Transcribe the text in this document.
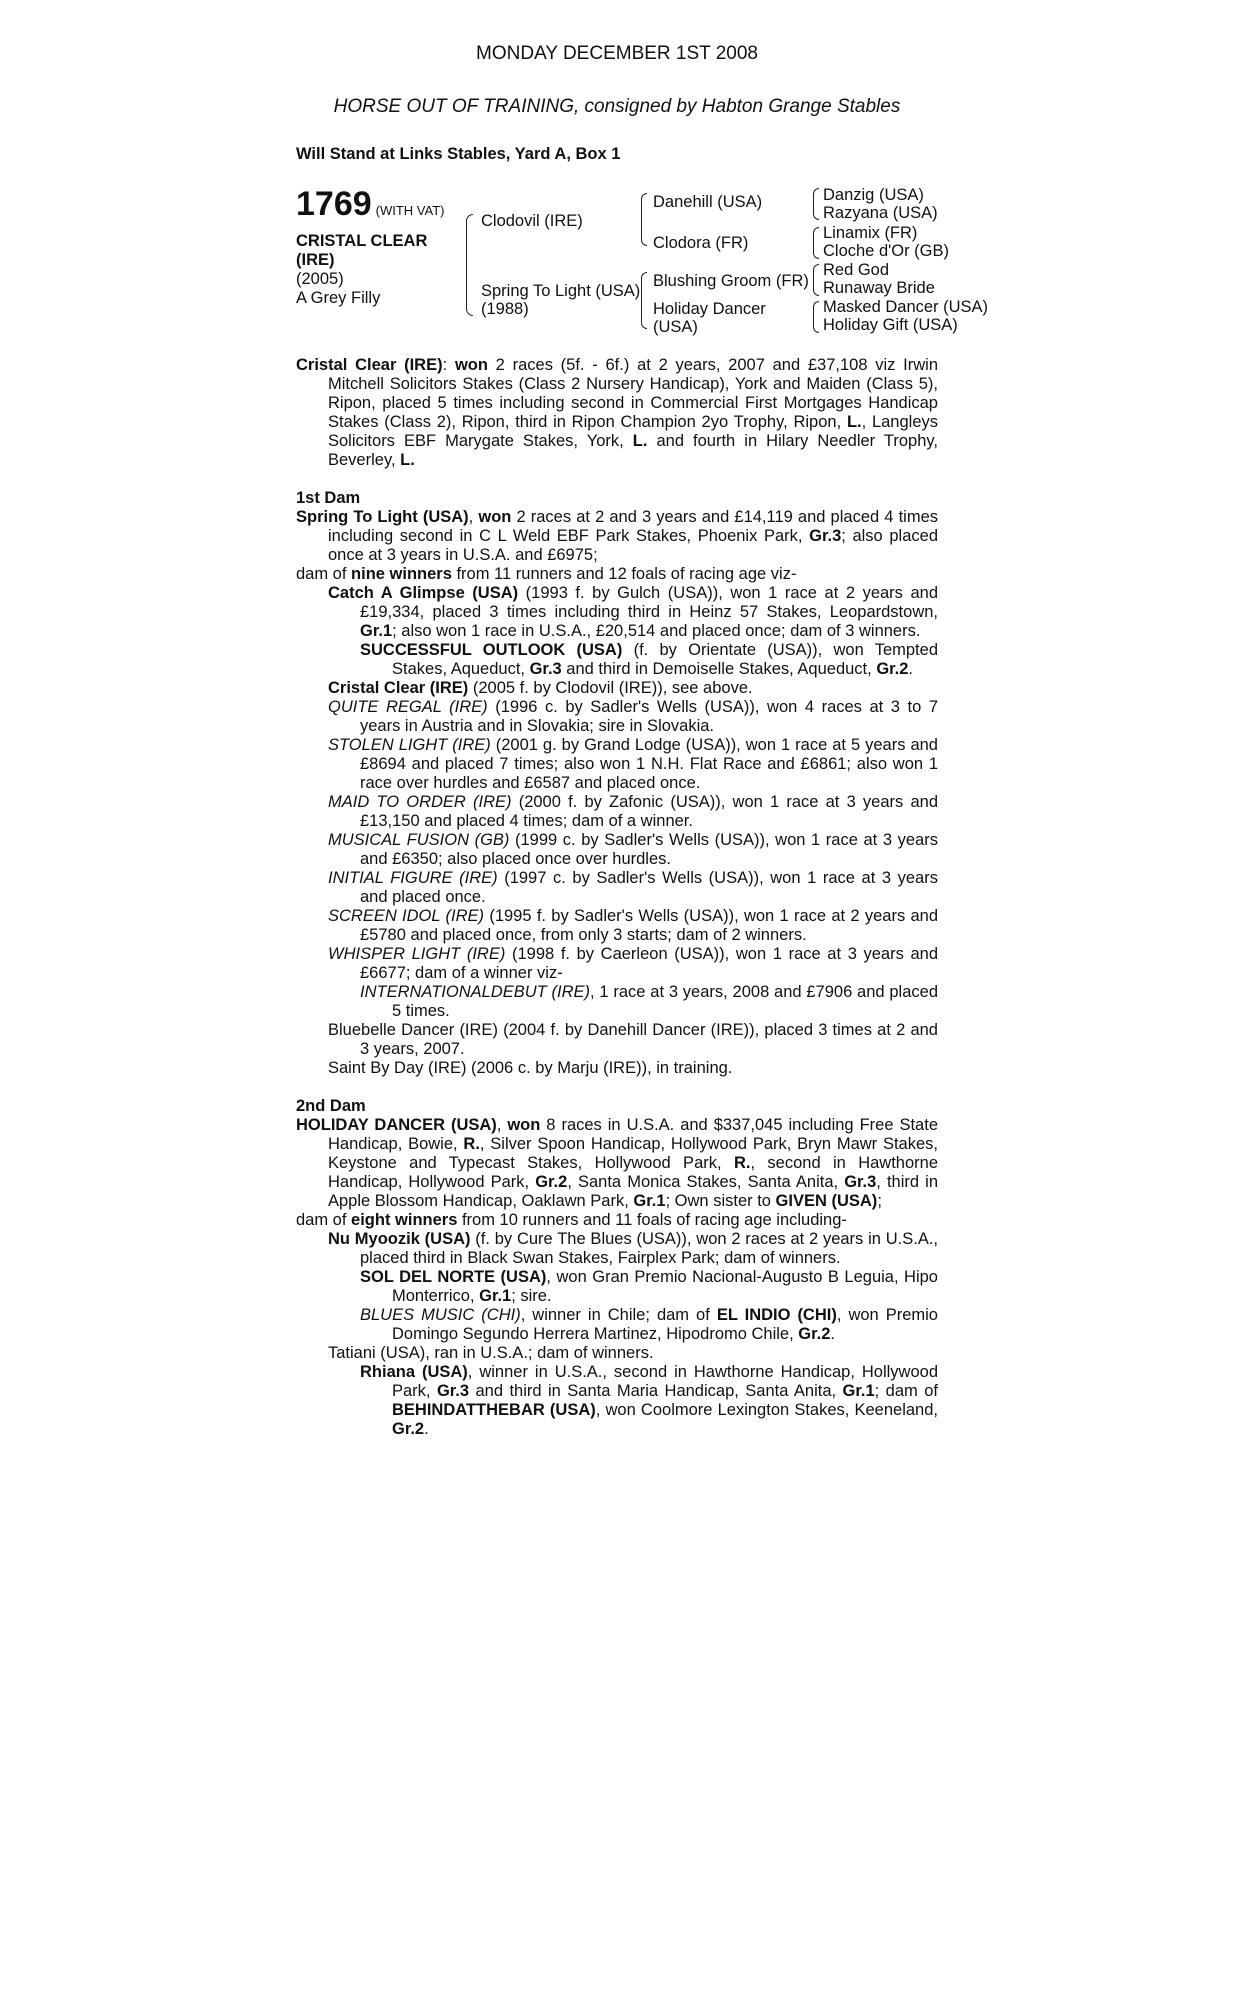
MONDAY DECEMBER 1ST 2008
HORSE OUT OF TRAINING, consigned by Habton Grange Stables
Will Stand at Links Stables, Yard A, Box 1
1769 (WITH VAT)
CRISTAL CLEAR
(IRE)
(2005)
A Grey Filly
Clodovil (IRE)
Spring To Light (USA)
(1988)
Danehill (USA)
Clodora (FR)
Blushing Groom (FR)
Holiday Dancer
(USA)
Danzig (USA)
Razyana (USA)
Linamix (FR)
Cloche d'Or (GB)
Red God
Runaway Bride
Masked Dancer (USA)
Holiday Gift (USA)
Cristal Clear (IRE): won 2 races (5f. - 6f.) at 2 years, 2007 and £37,108 viz Irwin Mitchell Solicitors Stakes (Class 2 Nursery Handicap), York and Maiden (Class 5), Ripon, placed 5 times including second in Commercial First Mortgages Handicap Stakes (Class 2), Ripon, third in Ripon Champion 2yo Trophy, Ripon, L., Langleys Solicitors EBF Marygate Stakes, York, L. and fourth in Hilary Needler Trophy, Beverley, L.
1st Dam
Spring To Light (USA), won 2 races at 2 and 3 years and £14,119 and placed 4 times including second in C L Weld EBF Park Stakes, Phoenix Park, Gr.3; also placed once at 3 years in U.S.A. and £6975;
dam of nine winners from 11 runners and 12 foals of racing age viz-
Catch A Glimpse (USA) (1993 f. by Gulch (USA)), won 1 race at 2 years and £19,334, placed 3 times including third in Heinz 57 Stakes, Leopardstown, Gr.1; also won 1 race in U.S.A., £20,514 and placed once; dam of 3 winners.
SUCCESSFUL OUTLOOK (USA) (f. by Orientate (USA)), won Tempted Stakes, Aqueduct, Gr.3 and third in Demoiselle Stakes, Aqueduct, Gr.2.
Cristal Clear (IRE) (2005 f. by Clodovil (IRE)), see above.
QUITE REGAL (IRE) (1996 c. by Sadler's Wells (USA)), won 4 races at 3 to 7 years in Austria and in Slovakia; sire in Slovakia.
STOLEN LIGHT (IRE) (2001 g. by Grand Lodge (USA)), won 1 race at 5 years and £8694 and placed 7 times; also won 1 N.H. Flat Race and £6861; also won 1 race over hurdles and £6587 and placed once.
MAID TO ORDER (IRE) (2000 f. by Zafonic (USA)), won 1 race at 3 years and £13,150 and placed 4 times; dam of a winner.
MUSICAL FUSION (GB) (1999 c. by Sadler's Wells (USA)), won 1 race at 3 years and £6350; also placed once over hurdles.
INITIAL FIGURE (IRE) (1997 c. by Sadler's Wells (USA)), won 1 race at 3 years and placed once.
SCREEN IDOL (IRE) (1995 f. by Sadler's Wells (USA)), won 1 race at 2 years and £5780 and placed once, from only 3 starts; dam of 2 winners.
WHISPER LIGHT (IRE) (1998 f. by Caerleon (USA)), won 1 race at 3 years and £6677; dam of a winner viz-
INTERNATIONALDEBUT (IRE), 1 race at 3 years, 2008 and £7906 and placed 5 times.
Bluebelle Dancer (IRE) (2004 f. by Danehill Dancer (IRE)), placed 3 times at 2 and 3 years, 2007.
Saint By Day (IRE) (2006 c. by Marju (IRE)), in training.
2nd Dam
HOLIDAY DANCER (USA), won 8 races in U.S.A. and $337,045 including Free State Handicap, Bowie, R., Silver Spoon Handicap, Hollywood Park, Bryn Mawr Stakes, Keystone and Typecast Stakes, Hollywood Park, R., second in Hawthorne Handicap, Hollywood Park, Gr.2, Santa Monica Stakes, Santa Anita, Gr.3, third in Apple Blossom Handicap, Oaklawn Park, Gr.1; Own sister to GIVEN (USA);
dam of eight winners from 10 runners and 11 foals of racing age including-
Nu Myoozik (USA) (f. by Cure The Blues (USA)), won 2 races at 2 years in U.S.A., placed third in Black Swan Stakes, Fairplex Park; dam of winners.
SOL DEL NORTE (USA), won Gran Premio Nacional-Augusto B Leguia, Hipo Monterrico, Gr.1; sire.
BLUES MUSIC (CHI), winner in Chile; dam of EL INDIO (CHI), won Premio Domingo Segundo Herrera Martinez, Hipodromo Chile, Gr.2.
Tatiani (USA), ran in U.S.A.; dam of winners.
Rhiana (USA), winner in U.S.A., second in Hawthorne Handicap, Hollywood Park, Gr.3 and third in Santa Maria Handicap, Santa Anita, Gr.1; dam of BEHINDATTHEBAR (USA), won Coolmore Lexington Stakes, Keeneland, Gr.2.
